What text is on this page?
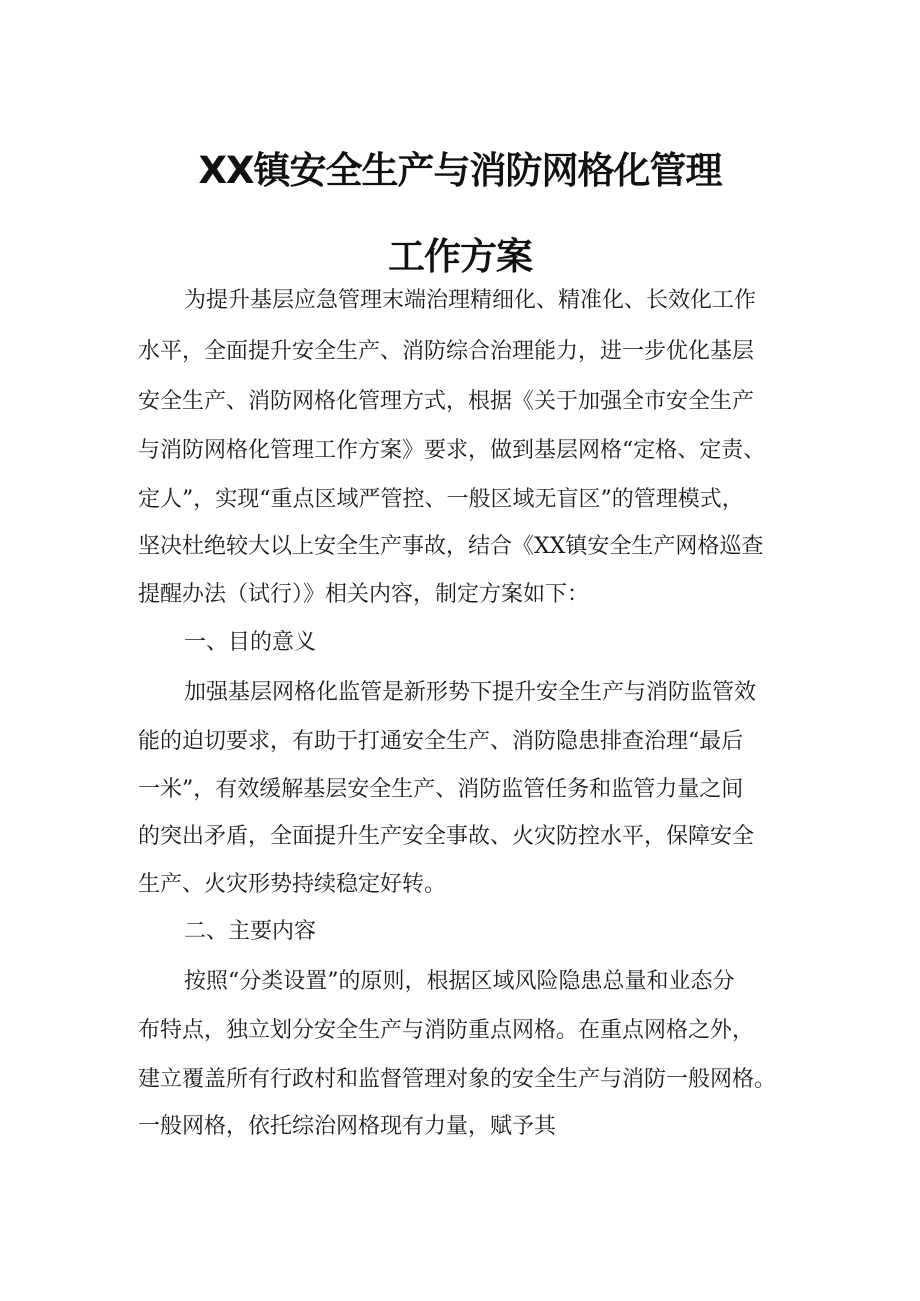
XX镇安全生产与消防网格化管理
工作方案
为提升基层应急管理末端治理精细化、精准化、长效化工作
水平，全面提升安全生产、消防综合治理能力，进一步优化基层
安全生产、消防网格化管理方式，根据《关于加强全市安全生产
与消防网格化管理工作方案》要求，做到基层网格“定格、定责、
定人”，实现“重点区域严管控、一般区域无盲区”的管理模式，
坚决杜绝较大以上安全生产事故，结合《XX镇安全生产网格巡查
提醒办法（试行）》相关内容，制定方案如下：
一、目的意义
加强基层网格化监管是新形势下提升安全生产与消防监管效
能的迫切要求，有助于打通安全生产、消防隐患排查治理“最后
一米”，有效缓解基层安全生产、消防监管任务和监管力量之间
的突出矛盾，全面提升生产安全事故、火灾防控水平，保障安全
生产、火灾形势持续稳定好转。
二、主要内容
按照“分类设置”的原则，根据区域风险隐患总量和业态分
布特点，独立划分安全生产与消防重点网格。在重点网格之外，
建立覆盖所有行政村和监督管理对象的安全生产与消防一般网格。
一般网格，依托综治网格现有力量，赋予其
